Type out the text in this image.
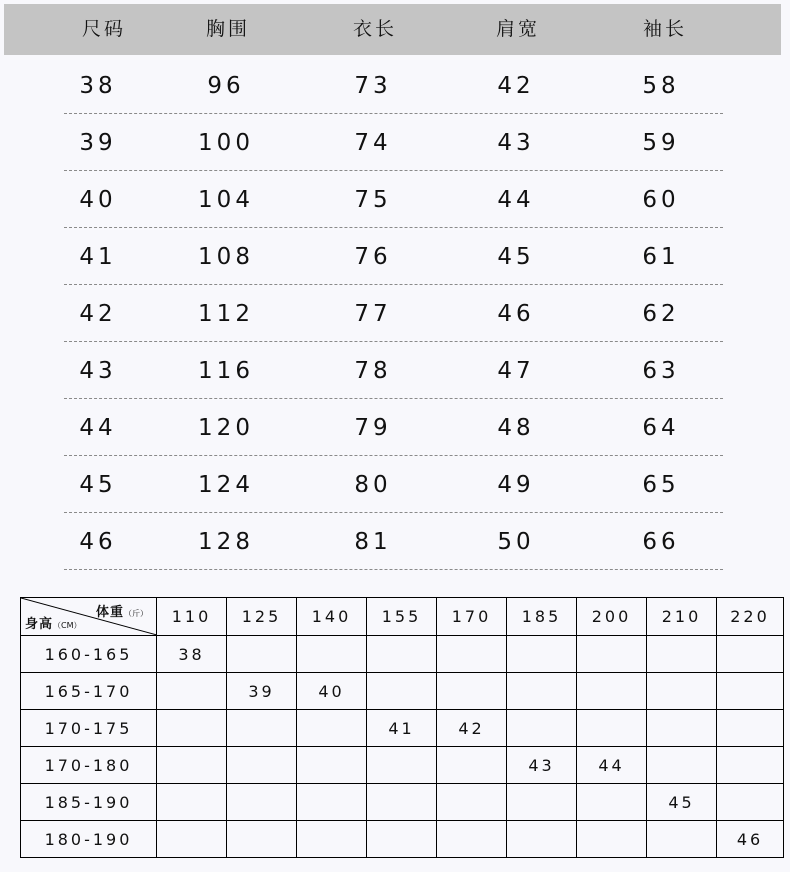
尺码	胸围	衣长	肩宽	袖长
38	96	73	42	58
39	100	74	43	59
40	104	75	44	60
41	108	76	45	61
42	112	77	46	62
43	116	78	47	63
44	120	79	48	64
45	124	80	49	65
46	128	81	50	66
体重（斤）
身高（CM）	110	125	140	155	170	185	200	210	220
160-165	38								
165-170		39	40						
170-175				41	42				
170-180						43	44		
185-190								45	
180-190									46
